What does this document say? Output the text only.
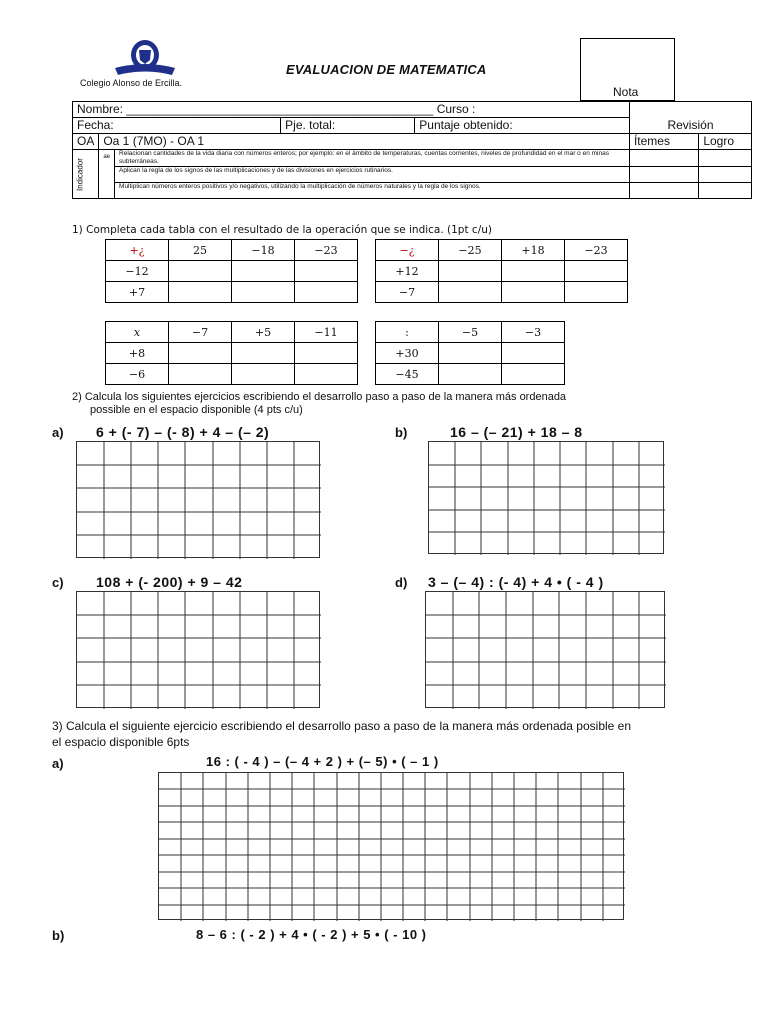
Colegio Alonso de Ercilla.
EVALUACION DE MATEMATICA
Nota
Nombre: ______________________________________________ Curso :						
Fecha:			Pje. total:	Puntaje obtenido:	Revisión	
OA	Oa 1 (7MO) - OA 1				Ítemes	Logro
Indicador	ae	Relacionan cantidades de la vida diaria con números enteros; por ejemplo: en el ámbito de temperaturas, cuentas corrientes, niveles de profundidad en el mar o en minas subterráneas.				
		Aplican la regla de los signos de las multiplicaciones y de las divisiones en ejercicios rutinarios.				
		Multiplican números enteros positivos y/o negativos, utilizando la multiplicación de números naturales y la regla de los signos.				
1) Completa cada tabla con el resultado de la operación que se indica. (1pt c/u)
+¿	25	−18	−23
−12			
+7			
−¿	−25	+18	−23
+12			
−7			
x	−7	+5	−11
+8			
−6			
:	−5	−3
+30		
−45		
2) Calcula los siguientes ejercicios escribiendo el desarrollo paso a paso de la manera más ordenada
possible en el espacio disponible (4 pts c/u)
a) 6 + (- 7) – (- 8) + 4 – (– 2)	b)	16 – (– 21) + 18 – 8
c) 108 + (- 200) + 9 – 42	d) 3 – (– 4) : (- 4) + 4 • ( - 4 )
3) Calcula el siguiente ejercicio escribiendo el desarrollo paso a paso de la manera más ordenada posible en
el espacio disponible 6pts
a)	16 : ( - 4 ) – (– 4 + 2 ) + (– 5) • ( – 1 )
b)	8 – 6 : ( - 2 ) + 4 • ( - 2 ) + 5 • ( - 10 )
